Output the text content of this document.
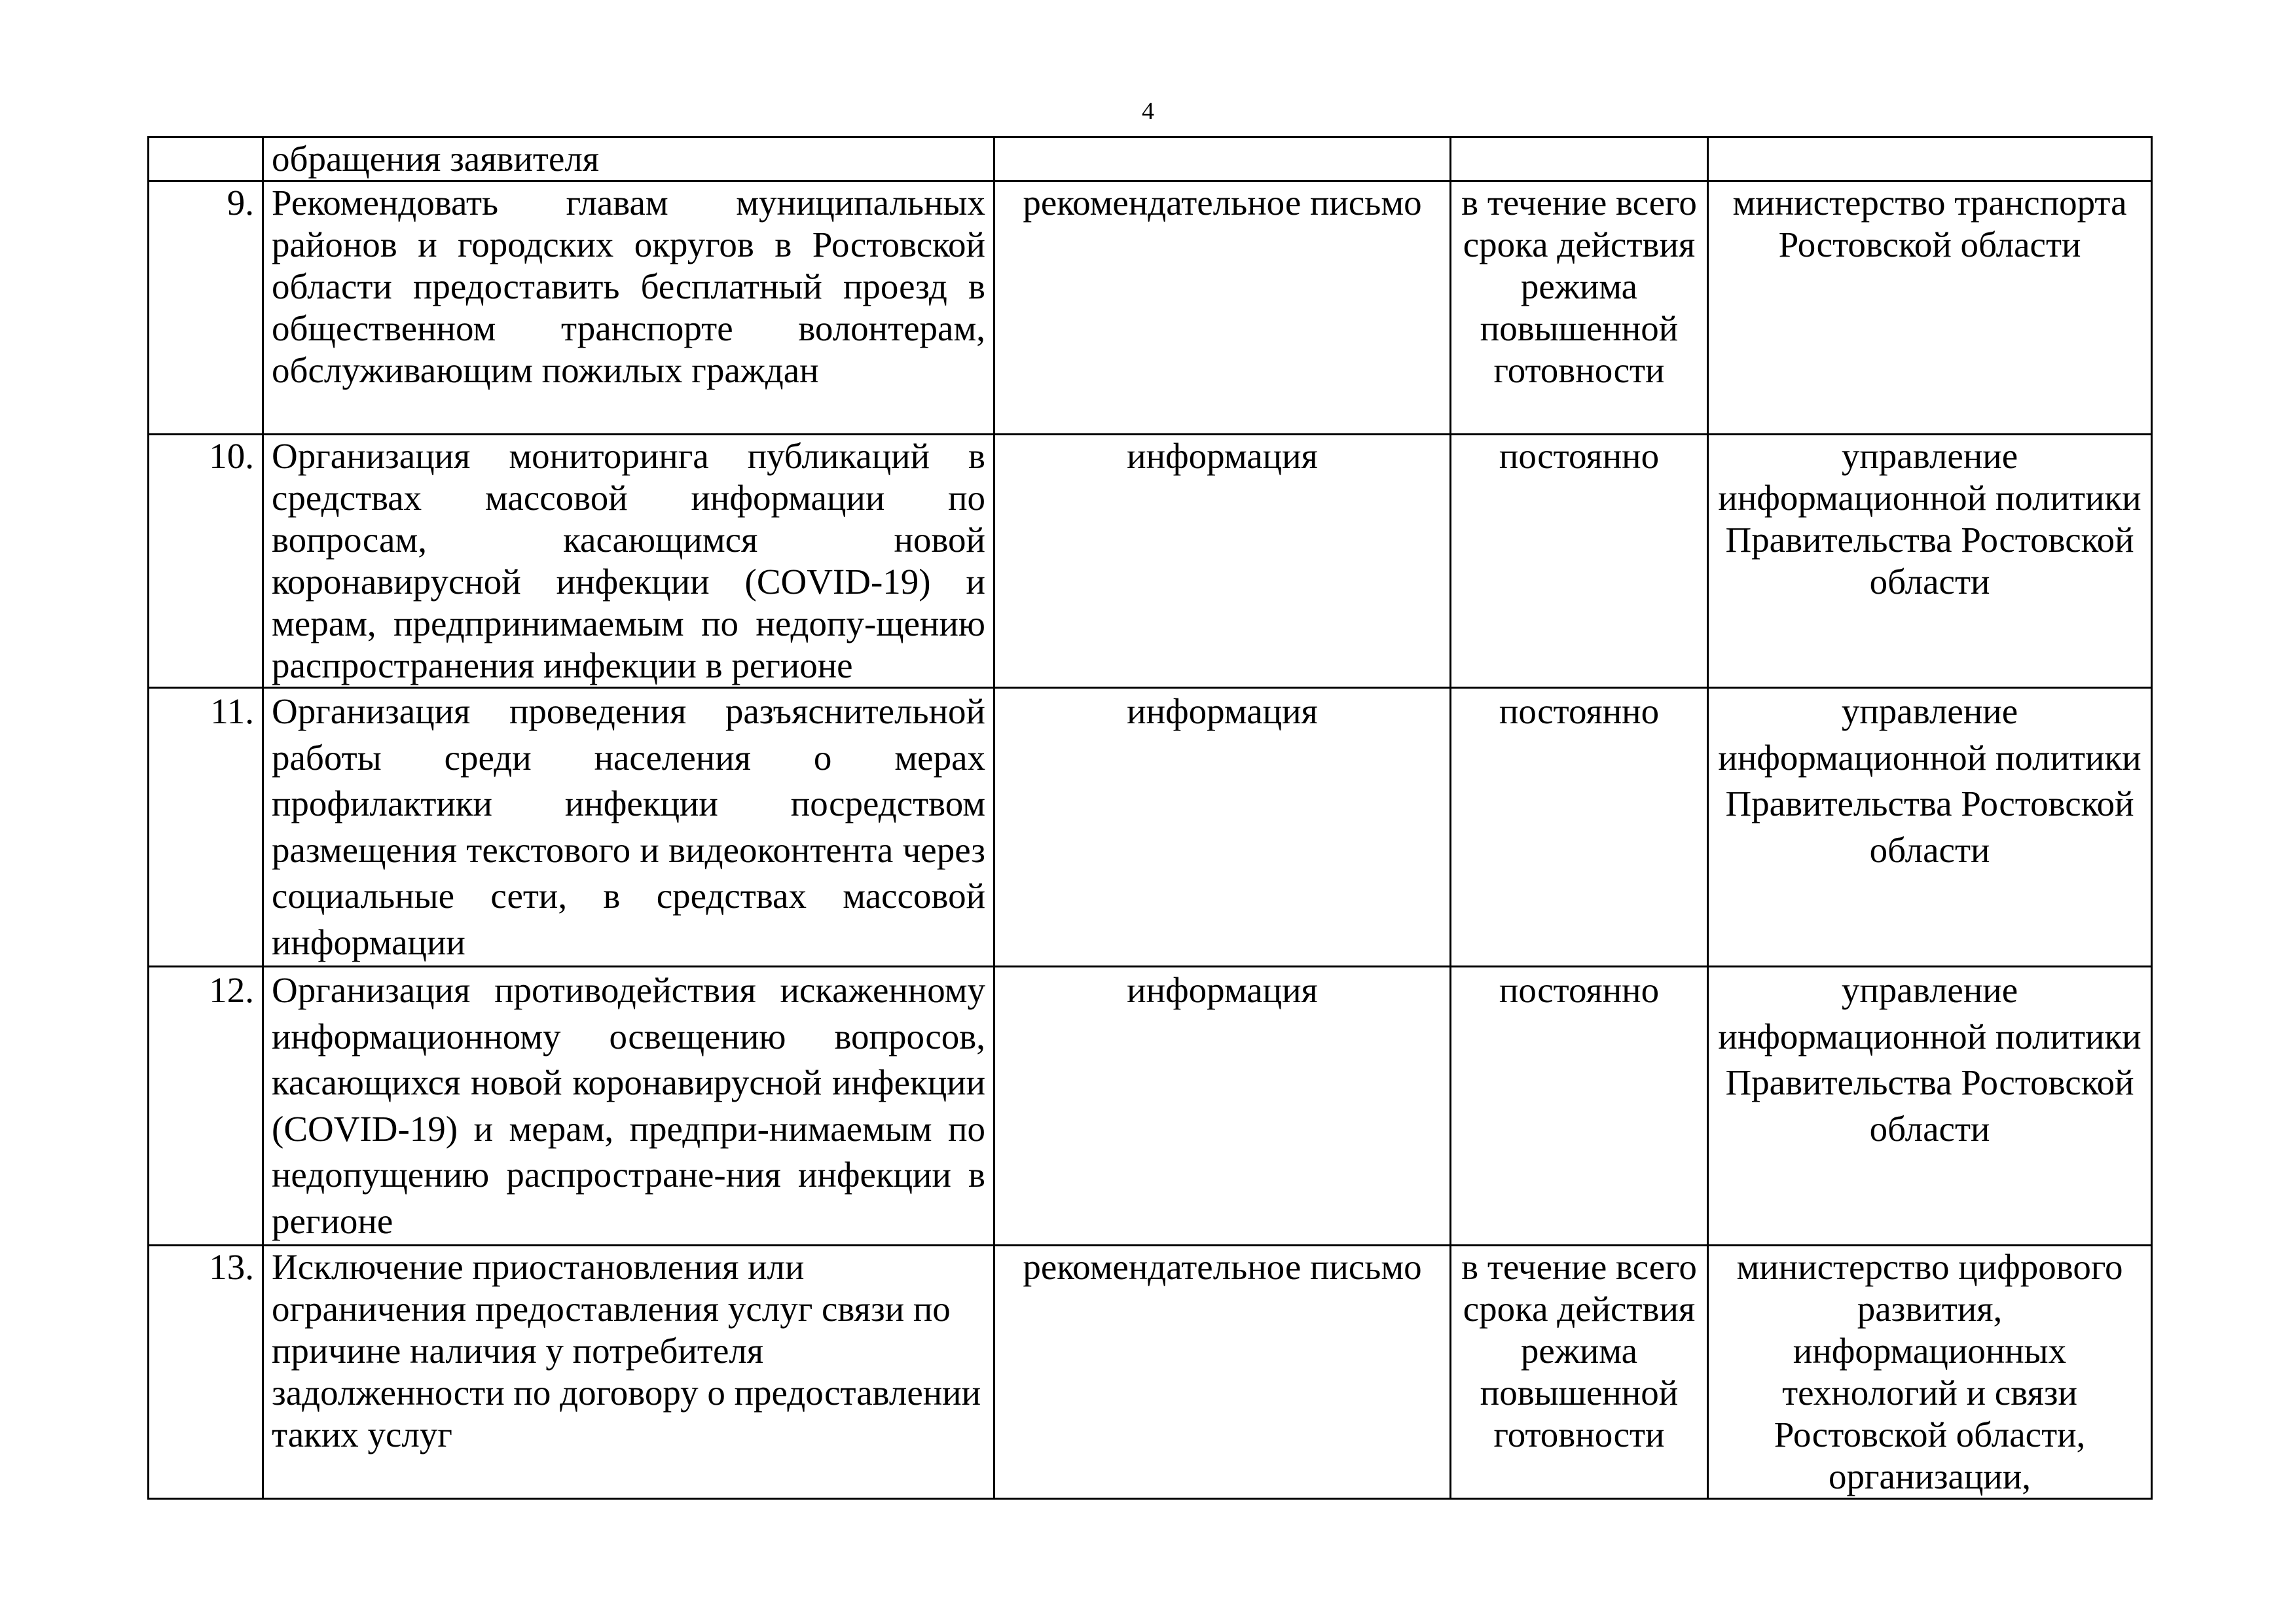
4
	обращения заявителя			
9.	Рекомендовать главам муниципальных районов и городских округов в Ростовской области предоставить бесплатный проезд в общественном транспорте волонтерам, обслуживающим пожилых граждан	рекомендательное письмо	в течение всего срока действия режима повышенной готовности	министерство транспорта Ростовской области
10.	Организация мониторинга публикаций в средствах массовой информации по вопросам, касающимся новой коронавирусной инфекции (COVID-19) и мерам, предпринимаемым по недопу-щению распространения инфекции в регионе	информация	постоянно	управление информационной политики Правительства Ростовской области
11.	Организация проведения разъяснительной работы среди населения о мерах профилактики инфекции посредством размещения текстового и видеоконтента через социальные сети, в средствах массовой информации	информация	постоянно	управление информационной политики Правительства Ростовской области
12.	Организация противодействия искаженному информационному освещению вопросов, касающихся новой коронавирусной инфекции (COVID-19) и мерам, предпри-нимаемым по недопущению распростране-ния инфекции в регионе	информация	постоянно	управление информационной политики Правительства Ростовской области
13.	Исключение приостановления или ограничения предоставления услуг связи по причине наличия у потребителя задолженности по договору о предоставлении таких услуг	рекомендательное письмо	в течение всего срока действия режима повышенной готовности	министерство цифрового развития, информационных технологий и связи Ростовской области, организации,
